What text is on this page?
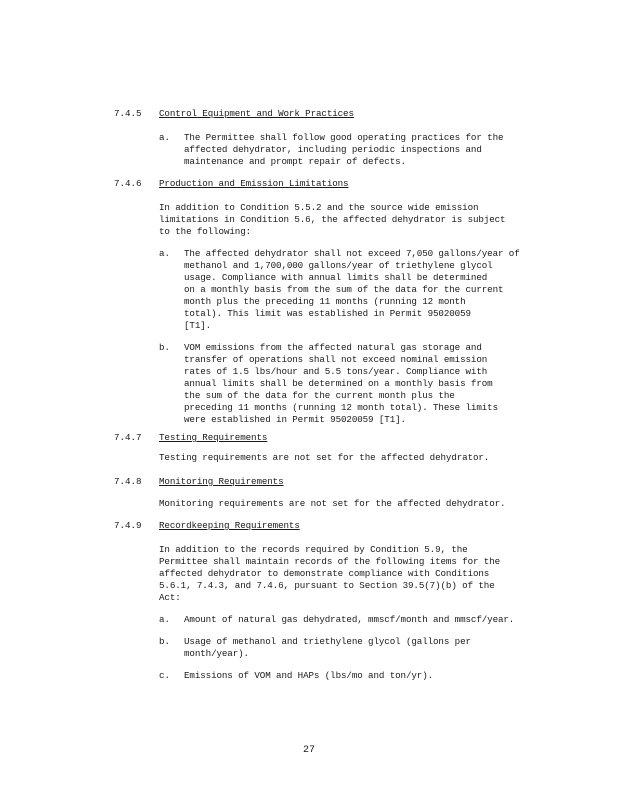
7.4.5 Control Equipment and Work Practices
a. The Permittee shall follow good operating practices for the
affected dehydrator, including periodic inspections and
maintenance and prompt repair of defects.
7.4.6 Production and Emission Limitations
In addition to Condition 5.5.2 and the source wide emission
limitations in Condition 5.6, the affected dehydrator is subject
to the following:
a. The affected dehydrator shall not exceed 7,050 gallons/year of
methanol and 1,700,000 gallons/year of triethylene glycol
usage. Compliance with annual limits shall be determined
on a monthly basis from the sum of the data for the current
month plus the preceding 11 months (running 12 month
total). This limit was established in Permit 95020059
[T1].
b. VOM emissions from the affected natural gas storage and
transfer of operations shall not exceed nominal emission
rates of 1.5 lbs/hour and 5.5 tons/year. Compliance with
annual limits shall be determined on a monthly basis from
the sum of the data for the current month plus the
preceding 11 months (running 12 month total). These limits
were established in Permit 95020059 [T1].
7.4.7 Testing Requirements
Testing requirements are not set for the affected dehydrator.
7.4.8 Monitoring Requirements
Monitoring requirements are not set for the affected dehydrator.
7.4.9 Recordkeeping Requirements
In addition to the records required by Condition 5.9, the
Permittee shall maintain records of the following items for the
affected dehydrator to demonstrate compliance with Conditions
5.6.1, 7.4.3, and 7.4.6, pursuant to Section 39.5(7)(b) of the
Act:
a. Amount of natural gas dehydrated, mmscf/month and mmscf/year.
b. Usage of methanol and triethylene glycol (gallons per
month/year).
c. Emissions of VOM and HAPs (lbs/mo and ton/yr).
27
